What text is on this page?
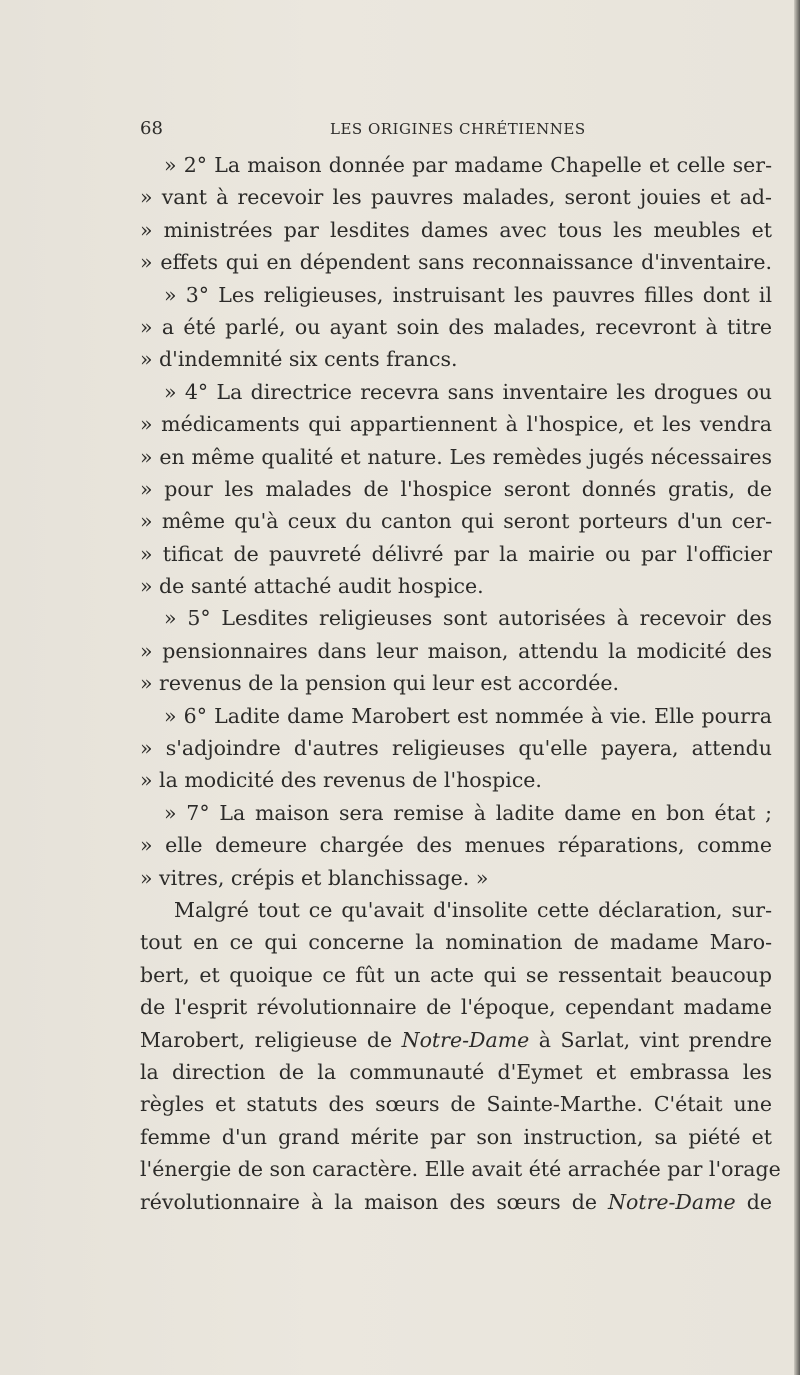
68	LES ORIGINES CHRÉTIENNES
» 2° La maison donnée par madame Chapelle et celle ser-
» vant à recevoir les pauvres malades, seront jouies et ad-
» ministrées par lesdites dames avec tous les meubles et
» effets qui en dépendent sans reconnaissance d'inventaire.
» 3° Les religieuses, instruisant les pauvres filles dont il
» a été parlé, ou ayant soin des malades, recevront à titre
» d'indemnité six cents francs.
» 4° La directrice recevra sans inventaire les drogues ou
» médicaments qui appartiennent à l'hospice, et les vendra
» en même qualité et nature. Les remèdes jugés nécessaires
» pour les malades de l'hospice seront donnés gratis, de
» même qu'à ceux du canton qui seront porteurs d'un cer-
» tificat de pauvreté délivré par la mairie ou par l'officier
» de santé attaché audit hospice.
» 5° Lesdites religieuses sont autorisées à recevoir des
» pensionnaires dans leur maison, attendu la modicité des
» revenus de la pension qui leur est accordée.
» 6° Ladite dame Marobert est nommée à vie. Elle pourra
» s'adjoindre d'autres religieuses qu'elle payera, attendu
» la modicité des revenus de l'hospice.
» 7° La maison sera remise à ladite dame en bon état ;
» elle demeure chargée des menues réparations, comme
» vitres, crépis et blanchissage. »
Malgré tout ce qu'avait d'insolite cette déclaration, sur-
tout en ce qui concerne la nomination de madame Maro-
bert, et quoique ce fût un acte qui se ressentait beaucoup
de l'esprit révolutionnaire de l'époque, cependant madame
Marobert, religieuse de Notre-Dame à Sarlat, vint prendre
la direction de la communauté d'Eymet et embrassa les
règles et statuts des sœurs de Sainte-Marthe. C'était une
femme d'un grand mérite par son instruction, sa piété et
l'énergie de son caractère. Elle avait été arrachée par l'orage
révolutionnaire à la maison des sœurs de Notre-Dame de
